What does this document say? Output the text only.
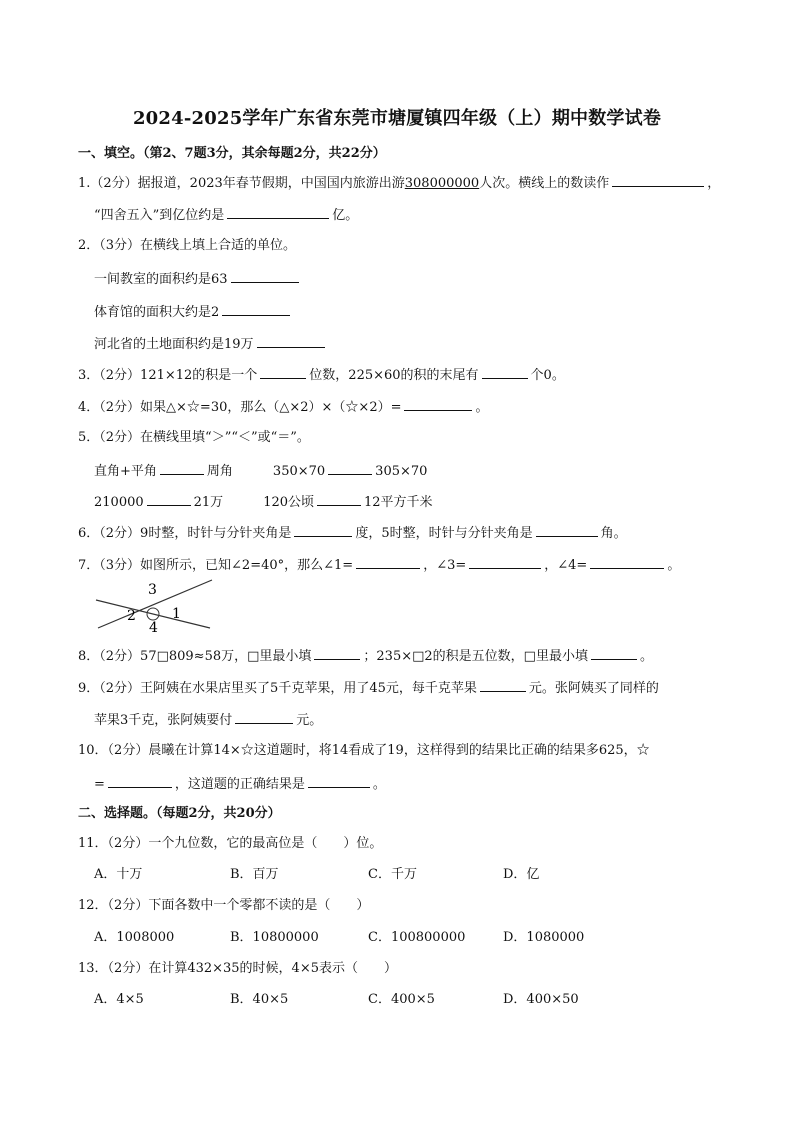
2024-2025学年广东省东莞市塘厦镇四年级（上）期中数学试卷
一、填空。（第2、7题3分，其余每题2分，共22分）
1.（2分）据报道，2023年春节假期，中国国内旅游出游308000000人次。横线上的数读作	，
“四舍五入”到亿位约是	亿。
2．（3分）在横线上填上合适的单位。
一间教室的面积约是63
体育馆的面积大约是2
河北省的土地面积约是19万
3．（2分）121×12的积是一个	位数，225×60的积的末尾有	个0。
4．（2分）如果△×☆=30，那么（△×2）×（☆×2）=	。
5．（2分）在横线里填“＞”“＜”或“＝”。
直角+平角	周角	350×70	305×70
210000	21万	120公顷	12平方千米
6．（2分）9时整，时针与分针夹角是	度，5时整，时针与分针夹角是	角。
7．（3分）如图所示，已知∠2=40°，那么∠1=	，∠3=	，∠4=	。
3
2	1
4
8．（2分）57□809≈58万，□里最小填	；235×□2的积是五位数，□里最小填	。
9．（2分）王阿姨在水果店里买了5千克苹果，用了45元，每千克苹果	元。张阿姨买了同样的
苹果3千克，张阿姨要付	元。
10．（2分）晨曦在计算14×☆这道题时，将14看成了19，这样得到的结果比正确的结果多625，☆
=	，这道题的正确结果是	。
二、选择题。（每题2分，共20分）
11．（2分）一个九位数，它的最高位是（　　）位。
A．十万	B．百万	C．千万	D．亿
12．（2分）下面各数中一个零都不读的是（　　）
A．1008000	B．10800000	C．100800000	D．1080000
13．（2分）在计算432×35的时候，4×5表示（　　）
A．4×5	B．40×5	C．400×5	D．400×50
